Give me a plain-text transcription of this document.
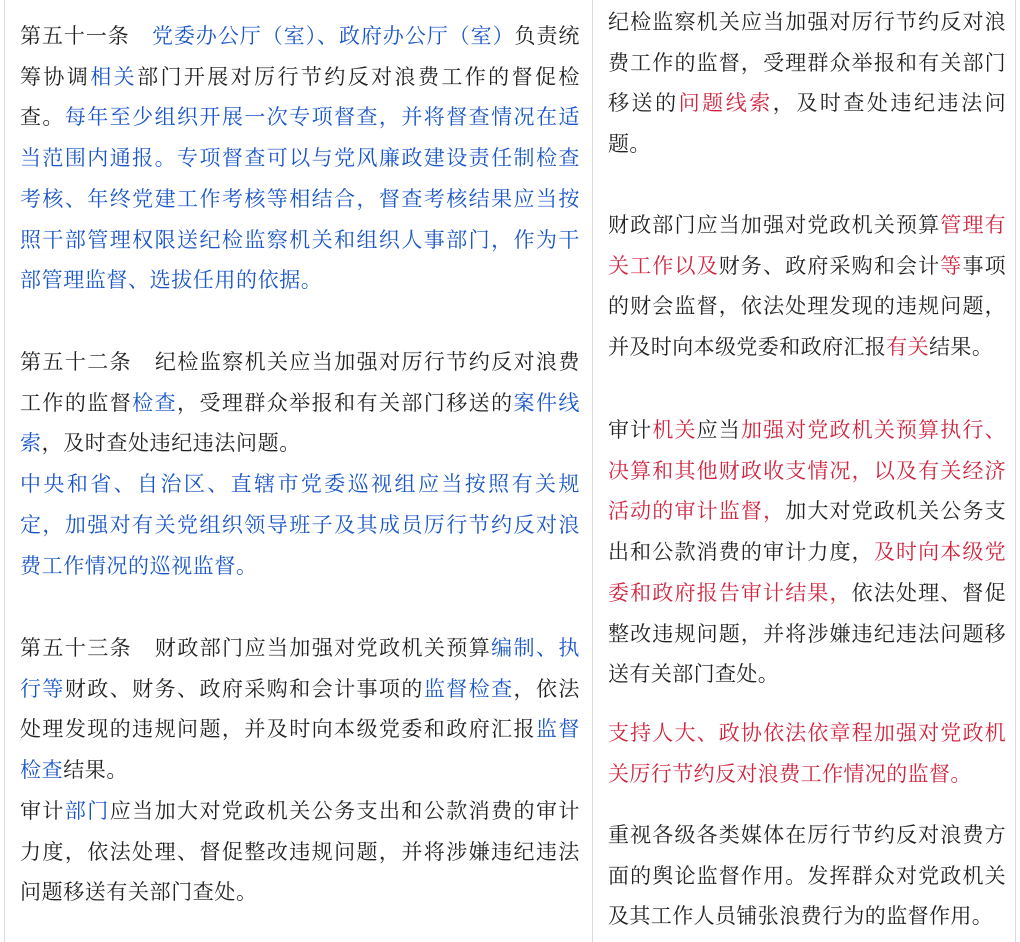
第五十一条 党委办公厅（室）、政府办公厅（室）负责统筹协调相关部门开展对厉行节约反对浪费工作的督促检查。每年至少组织开展一次专项督查，并将督查情况在适当范围内通报。专项督查可以与党风廉政建设责任制检查考核、年终党建工作考核等相结合，督查考核结果应当按照干部管理权限送纪检监察机关和组织人事部门，作为干部管理监督、选拔任用的依据。

第五十二条 纪检监察机关应当加强对厉行节约反对浪费工作的监督检查，受理群众举报和有关部门移送的案件线索，及时查处违纪违法问题。
中央和省、自治区、直辖市党委巡视组应当按照有关规定，加强对有关党组织领导班子及其成员厉行节约反对浪费工作情况的巡视监督。

第五十三条 财政部门应当加强对党政机关预算编制、执行等财政、财务、政府采购和会计事项的监督检查，依法处理发现的违规问题，并及时向本级党委和政府汇报监督检查结果。
审计部门应当加大对党政机关公务支出和公款消费的审计力度，依法处理、督促整改违规问题，并将涉嫌违纪违法问题移送有关部门查处。

纪检监察机关应当加强对厉行节约反对浪费工作的监督，受理群众举报和有关部门移送的问题线索，及时查处违纪违法问题。

财政部门应当加强对党政机关预算管理有关工作以及财务、政府采购和会计等事项的财会监督，依法处理发现的违规问题，并及时向本级党委和政府汇报有关结果。

审计机关应当加强对党政机关预算执行、决算和其他财政收支情况，以及有关经济活动的审计监督，加大对党政机关公务支出和公款消费的审计力度，及时向本级党委和政府报告审计结果，依法处理、督促整改违规问题，并将涉嫌违纪违法问题移送有关部门查处。

支持人大、政协依法依章程加强对党政机关厉行节约反对浪费工作情况的监督。

重视各级各类媒体在厉行节约反对浪费方面的舆论监督作用。发挥群众对党政机关及其工作人员铺张浪费行为的监督作用。
